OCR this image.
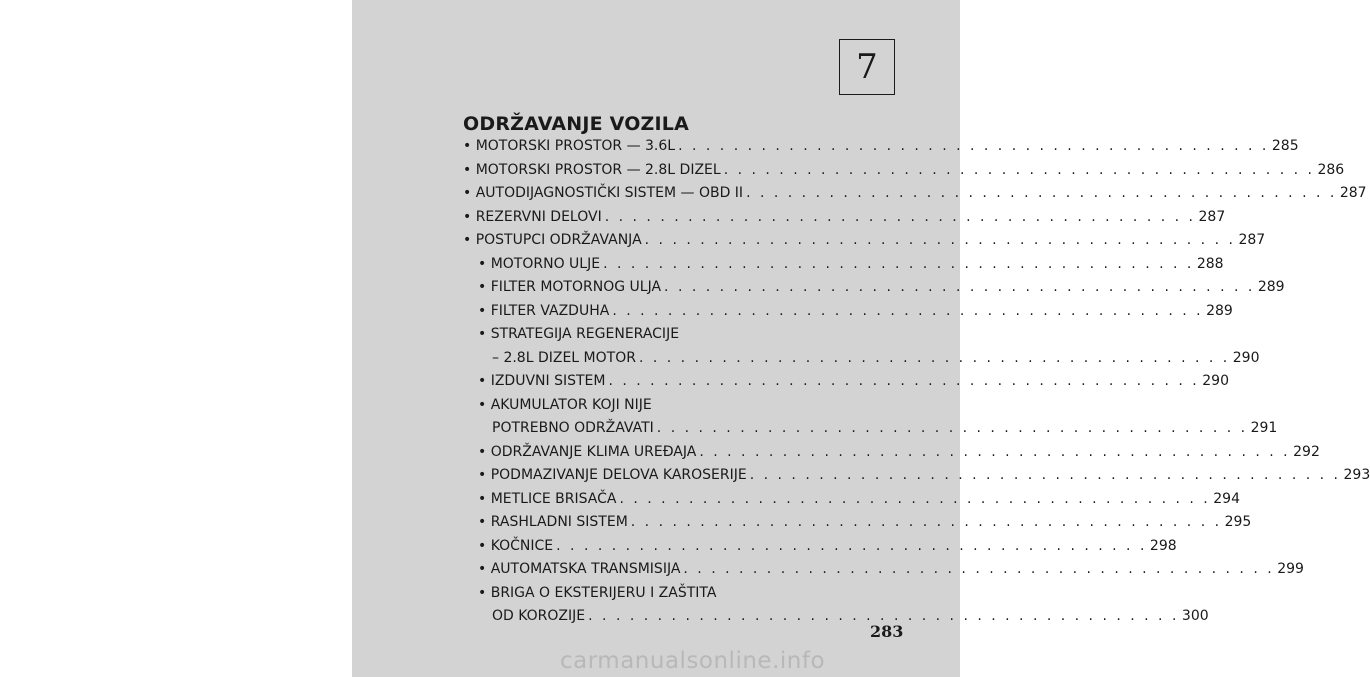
7
ODRŽAVANJE VOZILA
• MOTORSKI PROSTOR — 3.6L . . . . . . . . . . . . . . . . . . . . . . . . . . . . . . . . . . . . . . . . . . . 285
• MOTORSKI PROSTOR — 2.8L DIZEL . . . . . . . . . . . . . . . . . . . . . . . . . . . . . . . . . . . . . . . . . . . 286
• AUTODIJAGNOSTIČKI SISTEM — OBD II . . . . . . . . . . . . . . . . . . . . . . . . . . . . . . . . . . . . . . . . . . . 287
• REZERVNI DELOVI . . . . . . . . . . . . . . . . . . . . . . . . . . . . . . . . . . . . . . . . . . . 287
• POSTUPCI ODRŽAVANJA . . . . . . . . . . . . . . . . . . . . . . . . . . . . . . . . . . . . . . . . . . . 287
• MOTORNO ULJE . . . . . . . . . . . . . . . . . . . . . . . . . . . . . . . . . . . . . . . . . . . 288
• FILTER MOTORNOG ULJA . . . . . . . . . . . . . . . . . . . . . . . . . . . . . . . . . . . . . . . . . . . 289
• FILTER VAZDUHA . . . . . . . . . . . . . . . . . . . . . . . . . . . . . . . . . . . . . . . . . . . 289
• STRATEGIJA REGENERACIJE
– 2.8L DIZEL MOTOR . . . . . . . . . . . . . . . . . . . . . . . . . . . . . . . . . . . . . . . . . . . 290
• IZDUVNI SISTEM . . . . . . . . . . . . . . . . . . . . . . . . . . . . . . . . . . . . . . . . . . . 290
• AKUMULATOR KOJI NIJE
POTREBNO ODRŽAVATI . . . . . . . . . . . . . . . . . . . . . . . . . . . . . . . . . . . . . . . . . . . 291
• ODRŽAVANJE KLIMA UREĐAJA . . . . . . . . . . . . . . . . . . . . . . . . . . . . . . . . . . . . . . . . . . . 292
• PODMAZIVANJE DELOVA KAROSERIJE . . . . . . . . . . . . . . . . . . . . . . . . . . . . . . . . . . . . . . . . . . . 293
• METLICE BRISAČA . . . . . . . . . . . . . . . . . . . . . . . . . . . . . . . . . . . . . . . . . . . 294
• RASHLADNI SISTEM . . . . . . . . . . . . . . . . . . . . . . . . . . . . . . . . . . . . . . . . . . . 295
• KOČNICE . . . . . . . . . . . . . . . . . . . . . . . . . . . . . . . . . . . . . . . . . . . 298
• AUTOMATSKA TRANSMISIJA . . . . . . . . . . . . . . . . . . . . . . . . . . . . . . . . . . . . . . . . . . . 299
• BRIGA O EKSTERIJERU I ZAŠTITA
OD KOROZIJE . . . . . . . . . . . . . . . . . . . . . . . . . . . . . . . . . . . . . . . . . . . 300
283
carmanualsonline.info
